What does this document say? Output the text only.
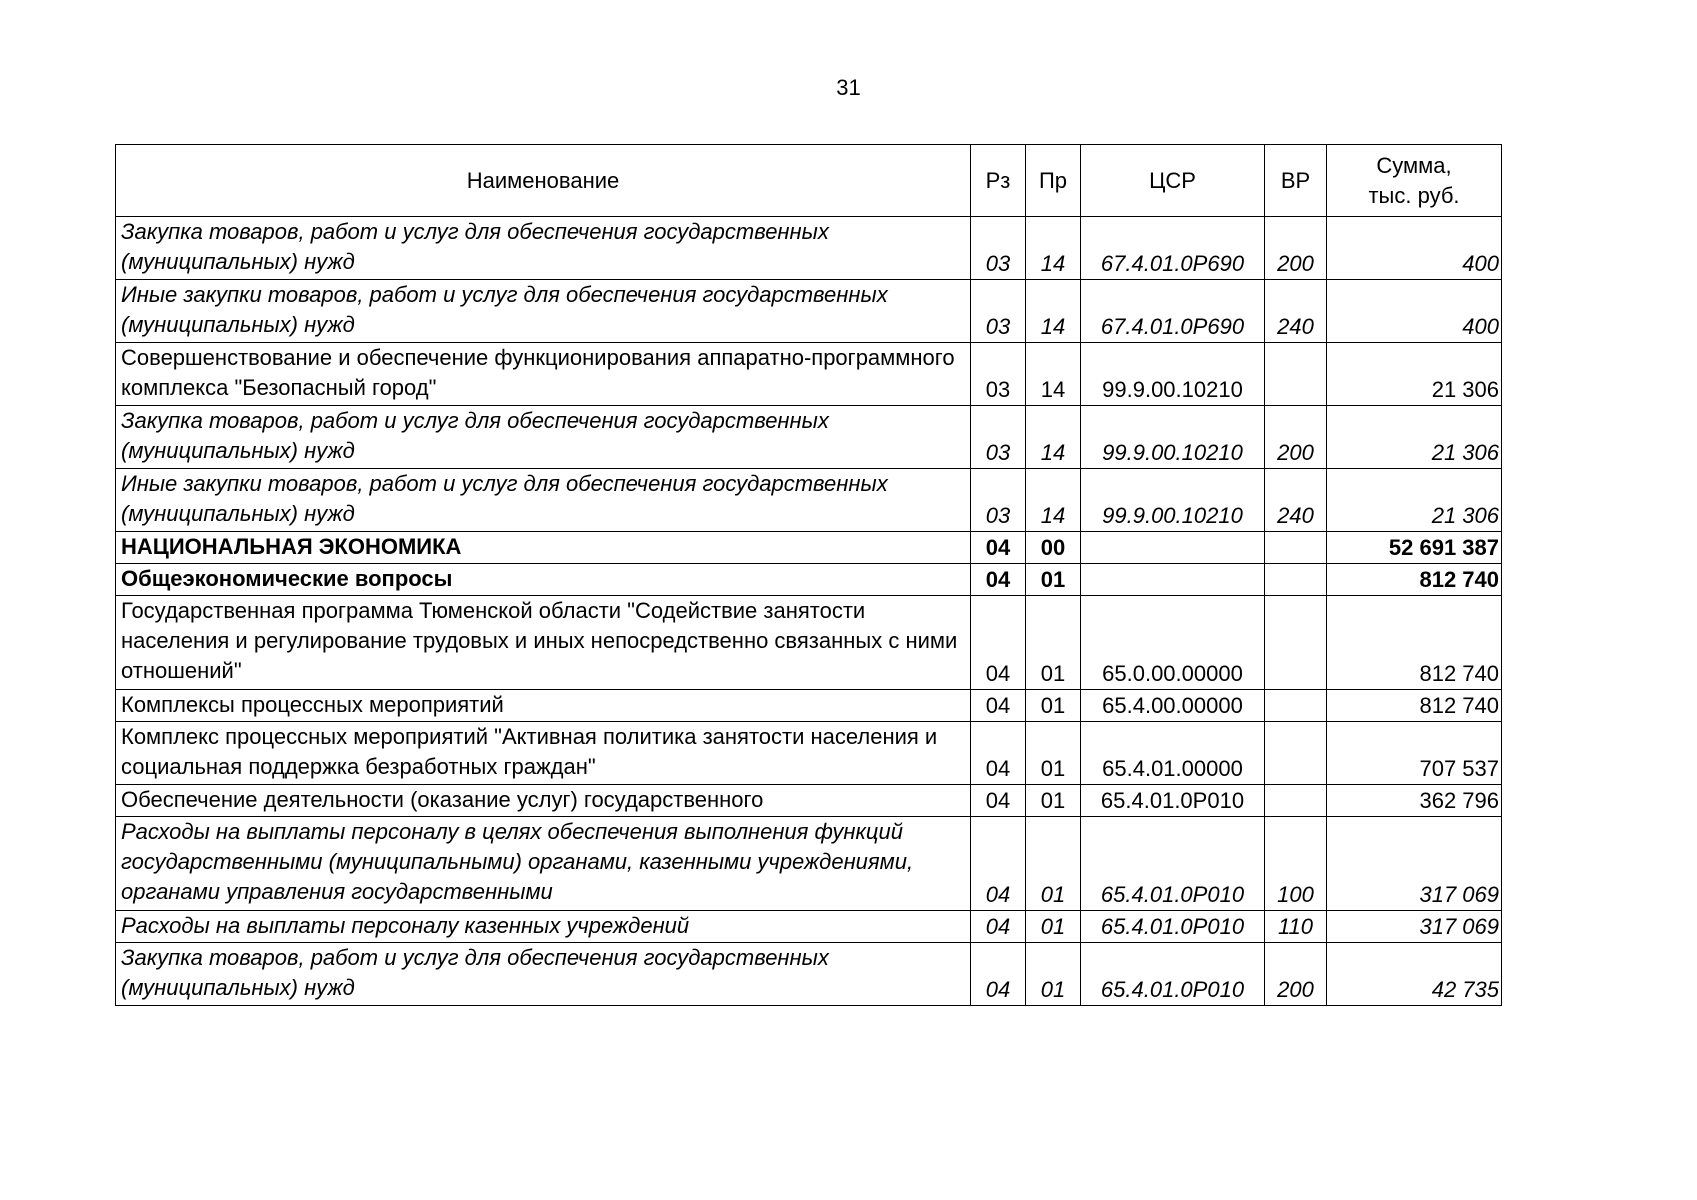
31
Наименование	Рз	Пр	ЦСР	ВР	Сумма,
тыс. руб.

Закупка товаров, работ и услуг для обеспечения государственных (муниципальных) нужд	03	14	67.4.01.0Р690	200	400
Иные закупки товаров, работ и услуг для обеспечения государственных (муниципальных) нужд	03	14	67.4.01.0Р690	240	400
Совершенствование и обеспечение функционирования аппаратно-программного комплекса "Безопасный город"	03	14	99.9.00.10210		21 306
Закупка товаров, работ и услуг для обеспечения государственных (муниципальных) нужд	03	14	99.9.00.10210	200	21 306
Иные закупки товаров, работ и услуг для обеспечения государственных (муниципальных) нужд	03	14	99.9.00.10210	240	21 306
НАЦИОНАЛЬНАЯ ЭКОНОМИКА	04	00			52 691 387
Общеэкономические вопросы	04	01			812 740
Государственная программа Тюменской области "Содействие занятости населения и регулирование трудовых и иных непосредственно связанных с ними отношений"	04	01	65.0.00.00000		812 740
Комплексы процессных мероприятий	04	01	65.4.00.00000		812 740
Комплекс процессных мероприятий "Активная политика занятости населения и социальная поддержка безработных граждан"	04	01	65.4.01.00000		707 537
Обеспечение деятельности (оказание услуг) государственного	04	01	65.4.01.0Р010		362 796
Расходы на выплаты персоналу в целях обеспечения выполнения функций государственными (муниципальными) органами, казенными учреждениями, органами управления государственными	04	01	65.4.01.0Р010	100	317 069
Расходы на выплаты персоналу казенных учреждений	04	01	65.4.01.0Р010	110	317 069
Закупка товаров, работ и услуг для обеспечения государственных (муниципальных) нужд	04	01	65.4.01.0Р010	200	42 735
